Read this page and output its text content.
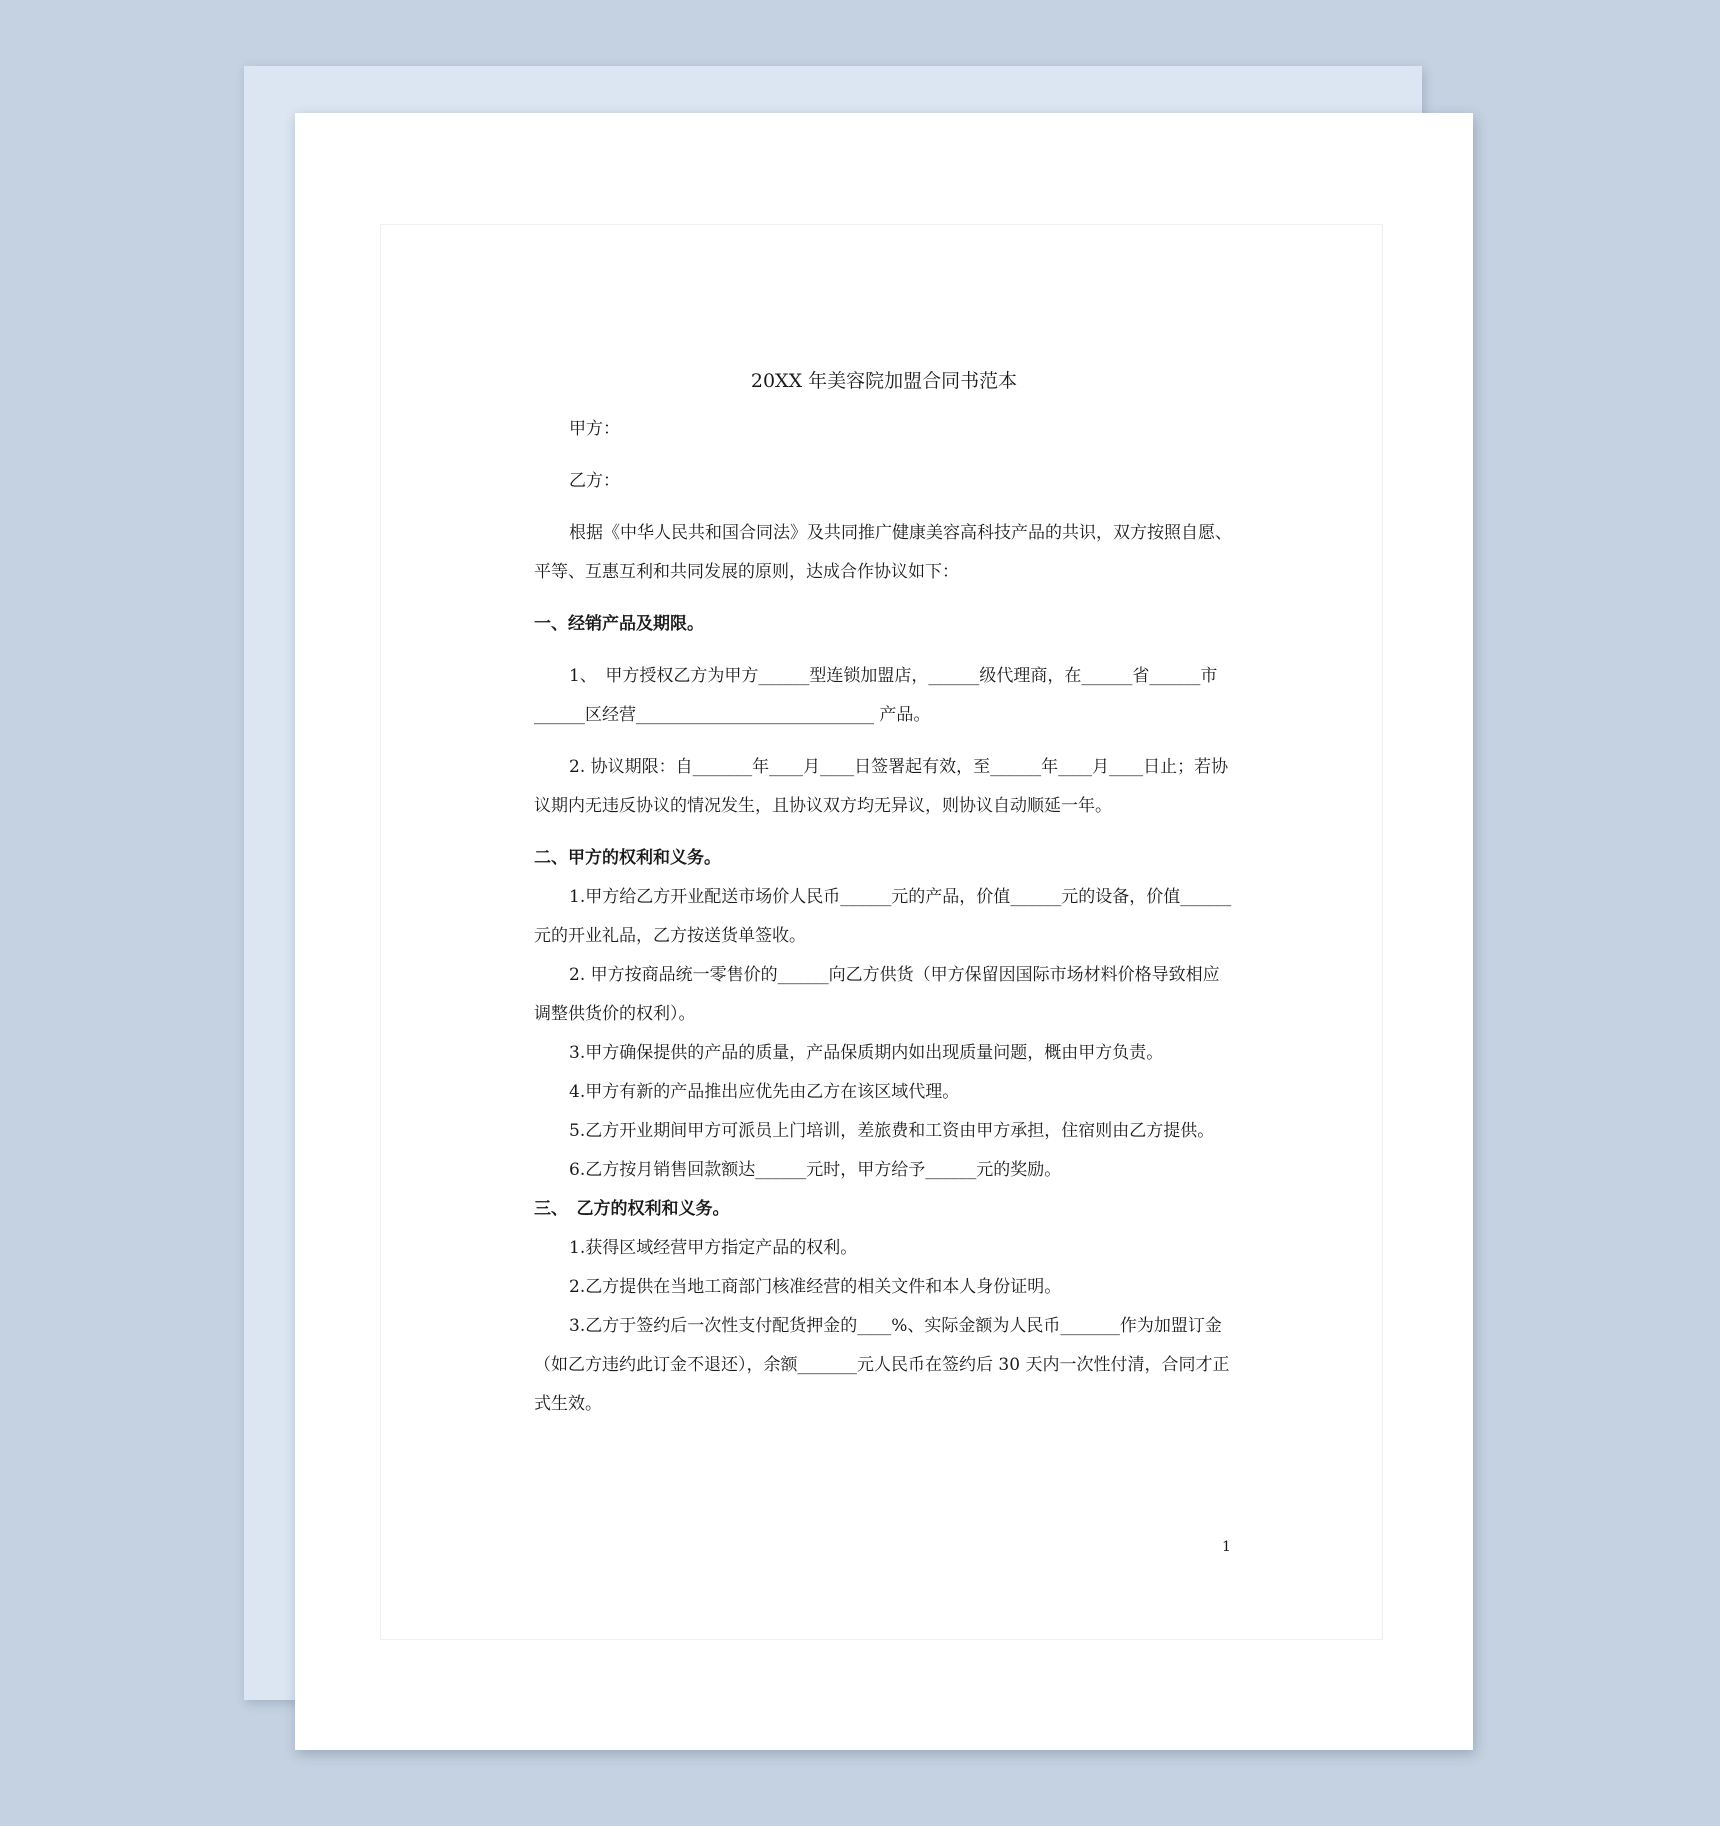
20XX 年美容院加盟合同书范本

甲方：

乙方：

根据《中华人民共和国合同法》及共同推广健康美容高科技产品的共识，双方按照自愿、平等、互惠互利和共同发展的原则，达成合作协议如下：

一、经销产品及期限。

1、　甲方授权乙方为甲方______型连锁加盟店，______级代理商，在______省______市______区经营____________________________ 产品。

2. 协议期限：自_______年____月____日签署起有效，至______年____月____日止；若协议期内无违反协议的情况发生，且协议双方均无异议，则协议自动顺延一年。

二、甲方的权利和义务。

1.甲方给乙方开业配送市场价人民币______元的产品，价值______元的设备，价值______元的开业礼品，乙方按送货单签收。

2. 甲方按商品统一零售价的______向乙方供货（甲方保留因国际市场材料价格导致相应调整供货价的权利）。

3.甲方确保提供的产品的质量，产品保质期内如出现质量问题，概由甲方负责。

4.甲方有新的产品推出应优先由乙方在该区域代理。

5.乙方开业期间甲方可派员上门培训，差旅费和工资由甲方承担，住宿则由乙方提供。

6.乙方按月销售回款额达______元时，甲方给予______元的奖励。

三、　乙方的权利和义务。

1.获得区域经营甲方指定产品的权利。

2.乙方提供在当地工商部门核准经营的相关文件和本人身份证明。

3.乙方于签约后一次性支付配货押金的____%、实际金额为人民币_______作为加盟订金（如乙方违约此订金不退还），余额_______元人民币在签约后 30 天内一次性付清，合同才正式生效。

1
